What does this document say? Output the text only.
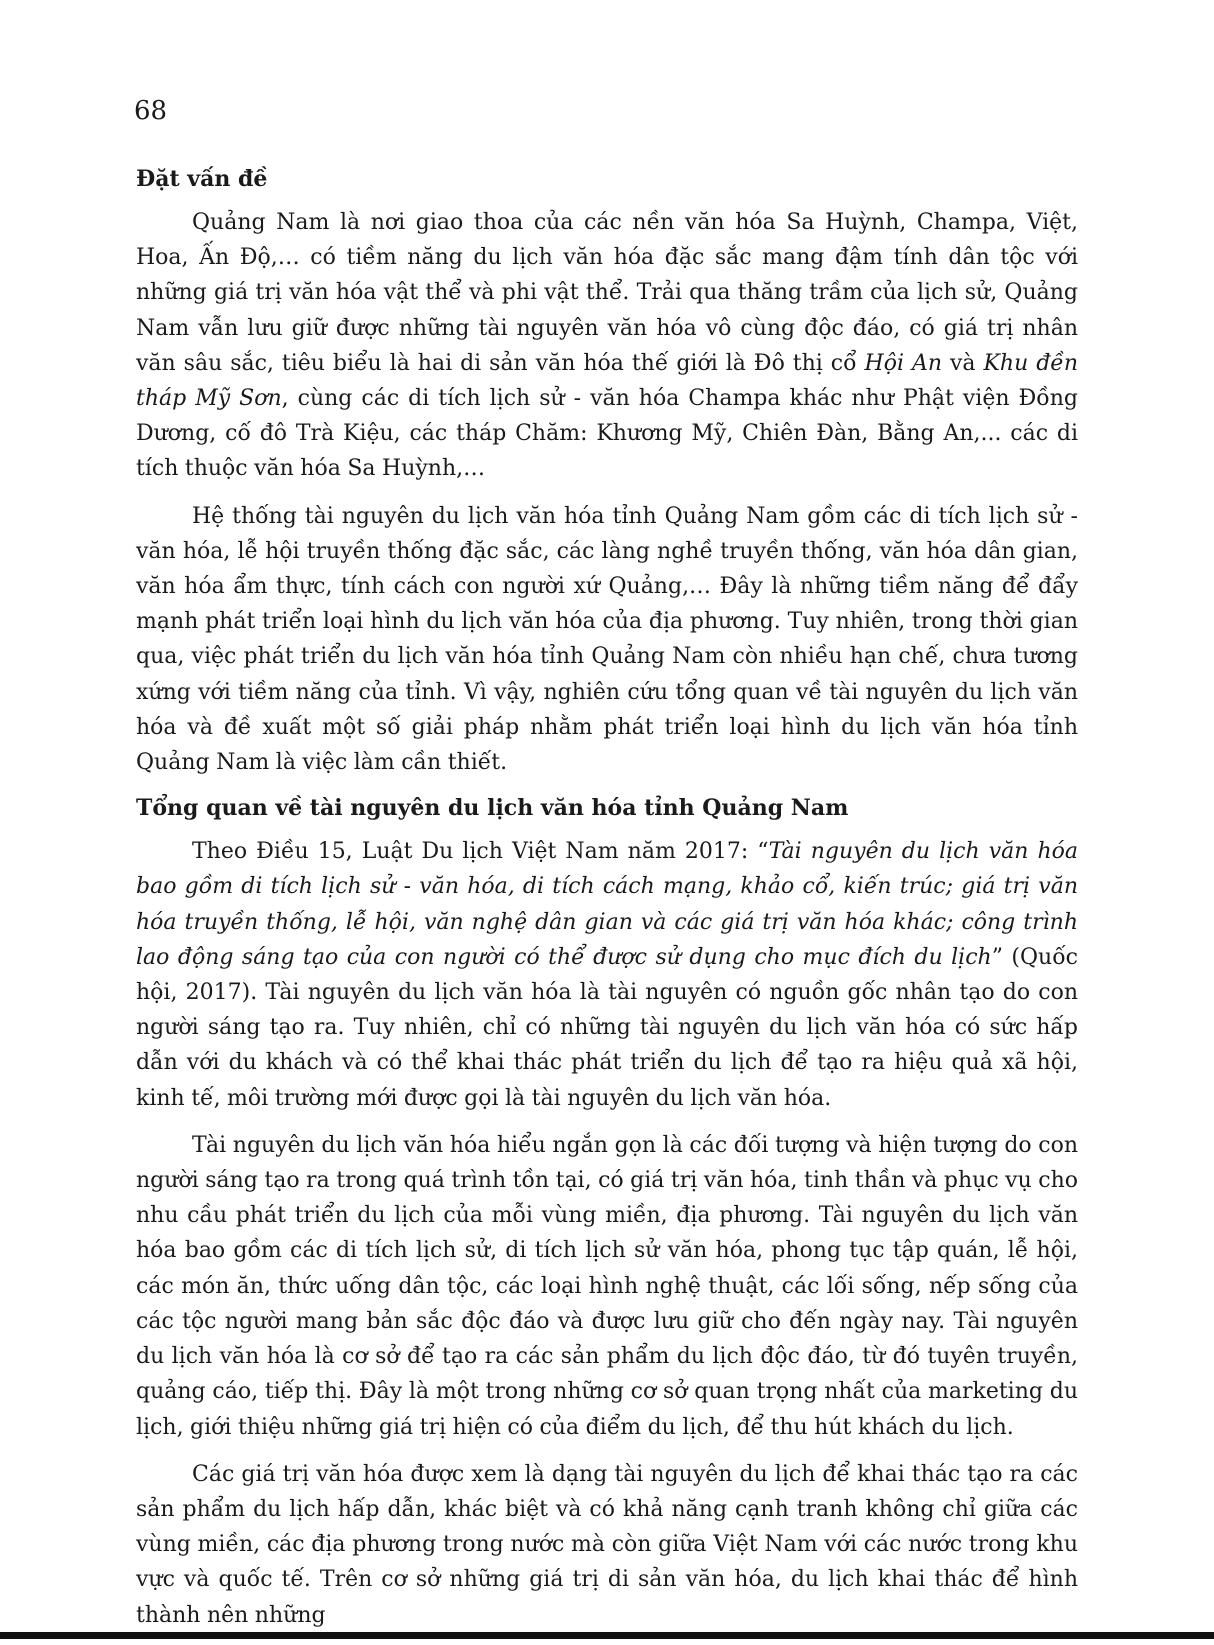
68
Đặt vấn đề

Quảng Nam là nơi giao thoa của các nền văn hóa Sa Huỳnh, Champa, Việt, Hoa, Ấn Độ,… có tiềm năng du lịch văn hóa đặc sắc mang đậm tính dân tộc với những giá trị văn hóa vật thể và phi vật thể. Trải qua thăng trầm của lịch sử, Quảng Nam vẫn lưu giữ được những tài nguyên văn hóa vô cùng độc đáo, có giá trị nhân văn sâu sắc, tiêu biểu là hai di sản văn hóa thế giới là Đô thị cổ Hội An và Khu đền tháp Mỹ Sơn, cùng các di tích lịch sử - văn hóa Champa khác như Phật viện Đồng Dương, cố đô Trà Kiệu, các tháp Chăm: Khương Mỹ, Chiên Đàn, Bằng An,... các di tích thuộc văn hóa Sa Huỳnh,…

Hệ thống tài nguyên du lịch văn hóa tỉnh Quảng Nam gồm các di tích lịch sử - văn hóa, lễ hội truyền thống đặc sắc, các làng nghề truyền thống, văn hóa dân gian, văn hóa ẩm thực, tính cách con người xứ Quảng,… Đây là những tiềm năng để đẩy mạnh phát triển loại hình du lịch văn hóa của địa phương. Tuy nhiên, trong thời gian qua, việc phát triển du lịch văn hóa tỉnh Quảng Nam còn nhiều hạn chế, chưa tương xứng với tiềm năng của tỉnh. Vì vậy, nghiên cứu tổng quan về tài nguyên du lịch văn hóa và đề xuất một số giải pháp nhằm phát triển loại hình du lịch văn hóa tỉnh Quảng Nam là việc làm cần thiết.

Tổng quan về tài nguyên du lịch văn hóa tỉnh Quảng Nam

Theo Điều 15, Luật Du lịch Việt Nam năm 2017: “Tài nguyên du lịch văn hóa bao gồm di tích lịch sử - văn hóa, di tích cách mạng, khảo cổ, kiến trúc; giá trị văn hóa truyền thống, lễ hội, văn nghệ dân gian và các giá trị văn hóa khác; công trình lao động sáng tạo của con người có thể được sử dụng cho mục đích du lịch” (Quốc hội, 2017). Tài nguyên du lịch văn hóa là tài nguyên có nguồn gốc nhân tạo do con người sáng tạo ra. Tuy nhiên, chỉ có những tài nguyên du lịch văn hóa có sức hấp dẫn với du khách và có thể khai thác phát triển du lịch để tạo ra hiệu quả xã hội, kinh tế, môi trường mới được gọi là tài nguyên du lịch văn hóa.

Tài nguyên du lịch văn hóa hiểu ngắn gọn là các đối tượng và hiện tượng do con người sáng tạo ra trong quá trình tồn tại, có giá trị văn hóa, tinh thần và phục vụ cho nhu cầu phát triển du lịch của mỗi vùng miền, địa phương. Tài nguyên du lịch văn hóa bao gồm các di tích lịch sử, di tích lịch sử văn hóa, phong tục tập quán, lễ hội, các món ăn, thức uống dân tộc, các loại hình nghệ thuật, các lối sống, nếp sống của các tộc người mang bản sắc độc đáo và được lưu giữ cho đến ngày nay. Tài nguyên du lịch văn hóa là cơ sở để tạo ra các sản phẩm du lịch độc đáo, từ đó tuyên truyền, quảng cáo, tiếp thị. Đây là một trong những cơ sở quan trọng nhất của marketing du lịch, giới thiệu những giá trị hiện có của điểm du lịch, để thu hút khách du lịch.

Các giá trị văn hóa được xem là dạng tài nguyên du lịch để khai thác tạo ra các sản phẩm du lịch hấp dẫn, khác biệt và có khả năng cạnh tranh không chỉ giữa các vùng miền, các địa phương trong nước mà còn giữa Việt Nam với các nước trong khu vực và quốc tế. Trên cơ sở những giá trị di sản văn hóa, du lịch khai thác để hình thành nên những
